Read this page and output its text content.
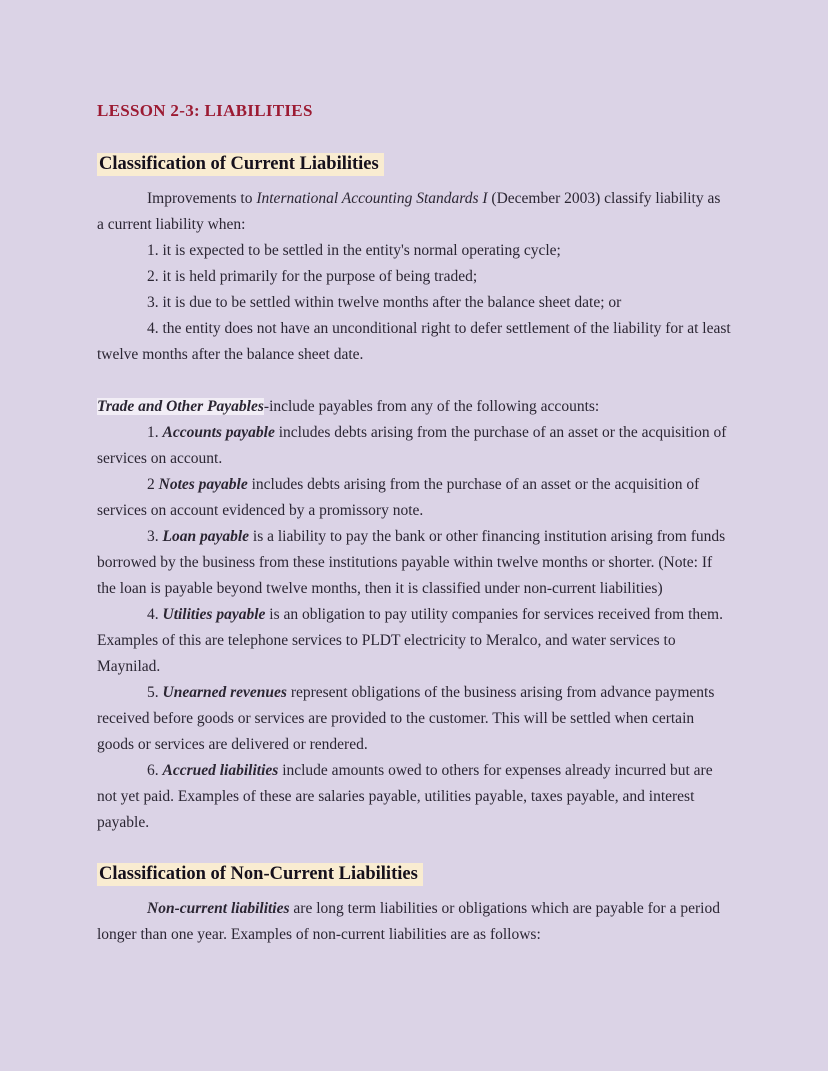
LESSON 2-3: LIABILITIES
Classification of Current Liabilities

Improvements to International Accounting Standards I (December 2003) classify liability as a current liability when:

1. it is expected to be settled in the entity's normal operating cycle;

2. it is held primarily for the purpose of being traded;

3. it is due to be settled within twelve months after the balance sheet date; or

4. the entity does not have an unconditional right to defer settlement of the liability for at least twelve months after the balance sheet date.

Trade and Other Payables-include payables from any of the following accounts:

1. Accounts payable includes debts arising from the purchase of an asset or the acquisition of services on account.

2 Notes payable includes debts arising from the purchase of an asset or the acquisition of services on account evidenced by a promissory note.

3. Loan payable is a liability to pay the bank or other financing institution arising from funds borrowed by the business from these institutions payable within twelve months or shorter. (Note: If the loan is payable beyond twelve months, then it is classified under non-current liabilities)

4. Utilities payable is an obligation to pay utility companies for services received from them. Examples of this are telephone services to PLDT electricity to Meralco, and water services to Maynilad.

5. Unearned revenues represent obligations of the business arising from advance payments received before goods or services are provided to the customer. This will be settled when certain goods or services are delivered or rendered.

6. Accrued liabilities include amounts owed to others for expenses already incurred but are not yet paid. Examples of these are salaries payable, utilities payable, taxes payable, and interest payable.

Classification of Non-Current Liabilities

Non-current liabilities are long term liabilities or obligations which are payable for a period longer than one year. Examples of non-current liabilities are as follows:
